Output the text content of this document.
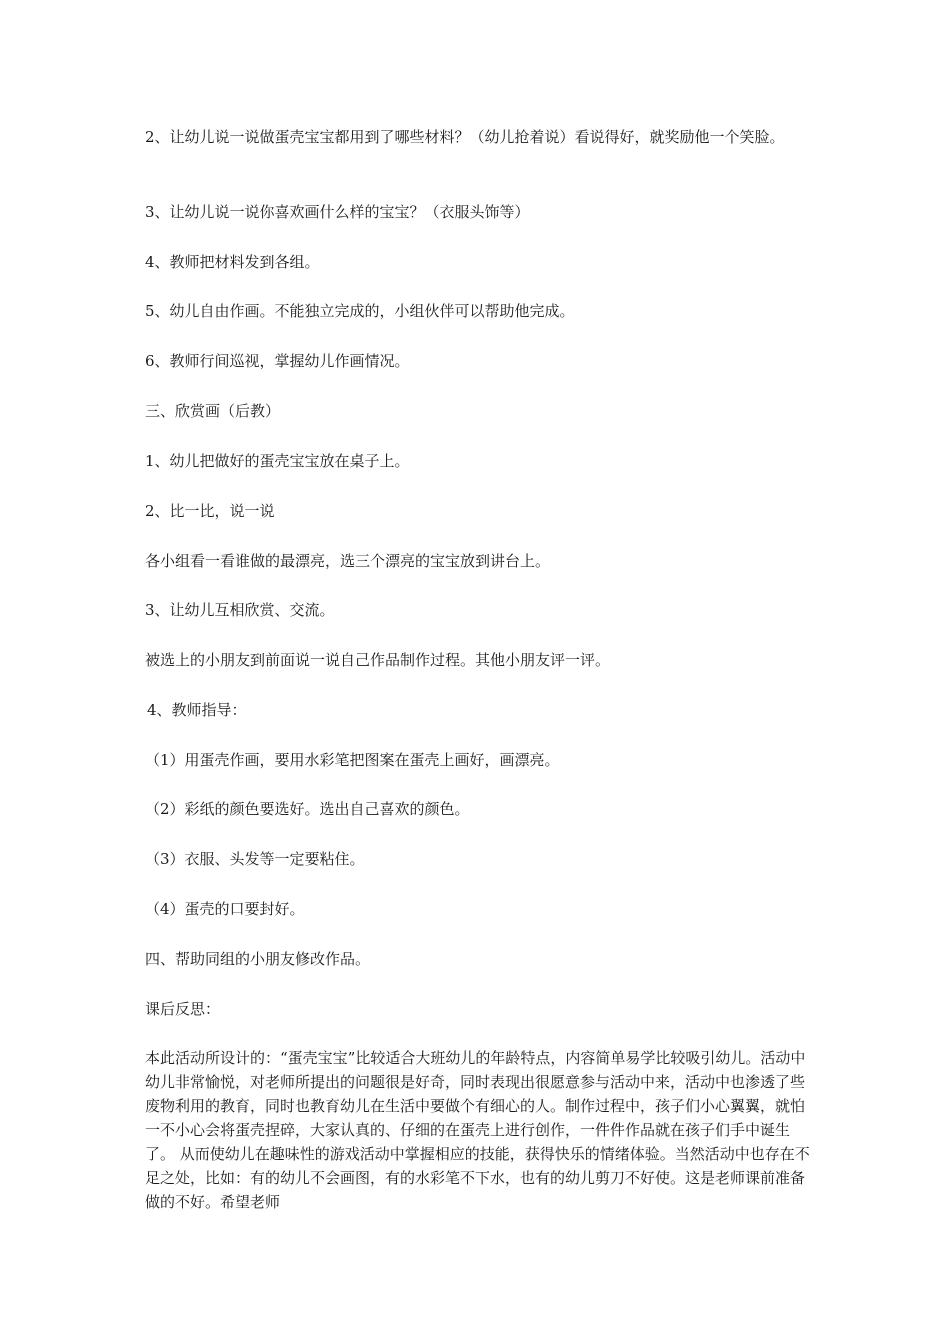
2、让幼儿说一说做蛋壳宝宝都用到了哪些材料？（幼儿抢着说）看说得好，就奖励他一个笑脸。

3、让幼儿说一说你喜欢画什么样的宝宝？（衣服头饰等）

4、教师把材料发到各组。

5、幼儿自由作画。不能独立完成的，小组伙伴可以帮助他完成。

6、教师行间巡视，掌握幼儿作画情况。

三、欣赏画（后教）

1、幼儿把做好的蛋壳宝宝放在桌子上。

2、比一比，说一说

各小组看一看谁做的最漂亮，选三个漂亮的宝宝放到讲台上。

3、让幼儿互相欣赏、交流。

被选上的小朋友到前面说一说自己作品制作过程。其他小朋友评一评。

4、教师指导：

（1）用蛋壳作画，要用水彩笔把图案在蛋壳上画好，画漂亮。

（2）彩纸的颜色要选好。选出自己喜欢的颜色。

（3）衣服、头发等一定要粘住。

（4）蛋壳的口要封好。

四、帮助同组的小朋友修改作品。

课后反思：

本此活动所设计的：“蛋壳宝宝”比较适合大班幼儿的年龄特点，内容简单易学比较吸引幼儿。活动中幼儿非常愉悦，对老师所提出的问题很是好奇，同时表现出很愿意参与活动中来，活动中也渗透了些废物利用的教育，同时也教育幼儿在生活中要做个有细心的人。制作过程中，孩子们小心翼翼，就怕一不小心会将蛋壳捏碎，大家认真的、仔细的在蛋壳上进行创作，一件件作品就在孩子们手中诞生了。 从而使幼儿在趣味性的游戏活动中掌握相应的技能，获得快乐的情绪体验。当然活动中也存在不足之处，比如：有的幼儿不会画图，有的水彩笔不下水，也有的幼儿剪刀不好使。这是老师课前准备做的不好。希望老师
